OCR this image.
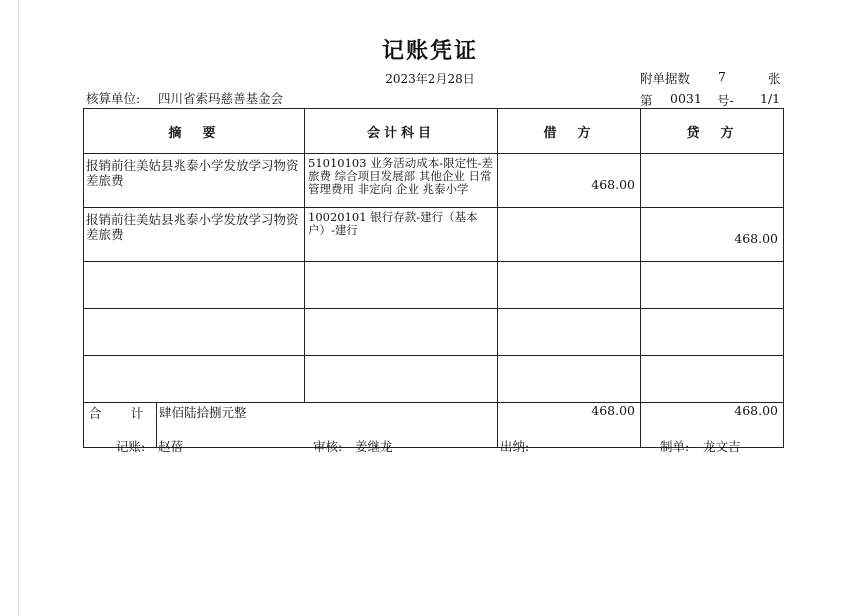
记账凭证
2023年2月28日
核算单位: 四川省索玛慈善基金会
附单据数 7	张
第 0031 号- 1/1
摘　要		会计科目	借　方	贷　方
报销前往美姑县兆泰小学发放学习物资差旅费		51010103 业务活动成本-限定性-差旅费 综合项目发展部 其他企业 日常管理费用 非定向 企业 兆泰小学	468.00	
报销前往美姑县兆泰小学发放学习物资差旅费		10020101 银行存款-建行（基本户）-建行		468.00

合　计	肆佰陆拾捌元整		468.00	468.00
记账: 赵蓓	审核: 姜继龙	出纳:	制单: 龙文吉
